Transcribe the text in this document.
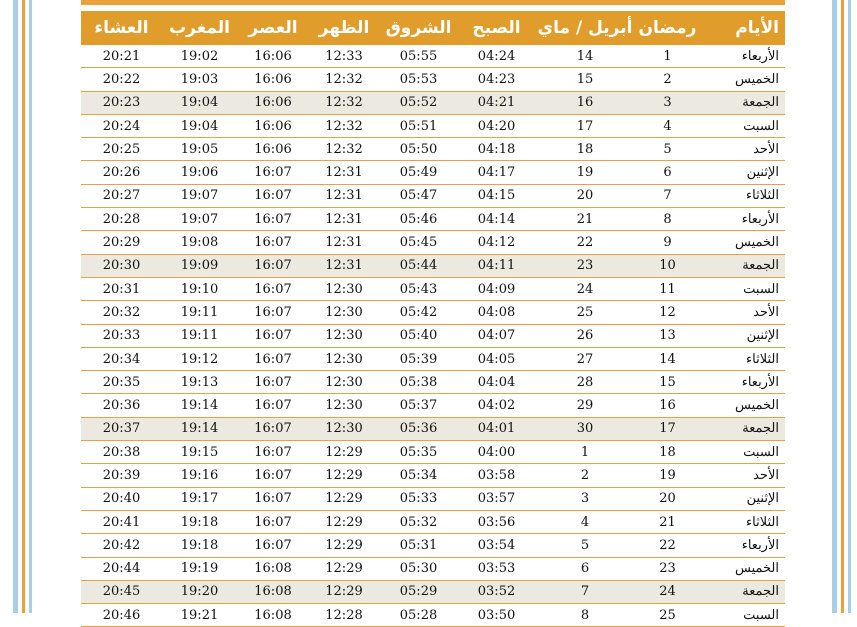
الأيام	رمضان	أبريل / ماي	الصبح	الشروق	الظهر	العصر	المغرب	العشاء
الأربعاء	1	14	04:24	05:55	12:33	16:06	19:02	20:21
الخميس	2	15	04:23	05:53	12:32	16:06	19:03	20:22
الجمعة	3	16	04:21	05:52	12:32	16:06	19:04	20:23
السبت	4	17	04:20	05:51	12:32	16:06	19:04	20:24
الأحد	5	18	04:18	05:50	12:32	16:06	19:05	20:25
الإثنين	6	19	04:17	05:49	12:31	16:07	19:06	20:26
الثلاثاء	7	20	04:15	05:47	12:31	16:07	19:07	20:27
الأربعاء	8	21	04:14	05:46	12:31	16:07	19:07	20:28
الخميس	9	22	04:12	05:45	12:31	16:07	19:08	20:29
الجمعة	10	23	04:11	05:44	12:31	16:07	19:09	20:30
السبت	11	24	04:09	05:43	12:30	16:07	19:10	20:31
الأحد	12	25	04:08	05:42	12:30	16:07	19:11	20:32
الإثنين	13	26	04:07	05:40	12:30	16:07	19:11	20:33
الثلاثاء	14	27	04:05	05:39	12:30	16:07	19:12	20:34
الأربعاء	15	28	04:04	05:38	12:30	16:07	19:13	20:35
الخميس	16	29	04:02	05:37	12:30	16:07	19:14	20:36
الجمعة	17	30	04:01	05:36	12:30	16:07	19:14	20:37
السبت	18	1	04:00	05:35	12:29	16:07	19:15	20:38
الأحد	19	2	03:58	05:34	12:29	16:07	19:16	20:39
الإثنين	20	3	03:57	05:33	12:29	16:07	19:17	20:40
الثلاثاء	21	4	03:56	05:32	12:29	16:07	19:18	20:41
الأربعاء	22	5	03:54	05:31	12:29	16:07	19:18	20:42
الخميس	23	6	03:53	05:30	12:29	16:08	19:19	20:44
الجمعة	24	7	03:52	05:29	12:29	16:08	19:20	20:45
السبت	25	8	03:50	05:28	12:28	16:08	19:21	20:46
